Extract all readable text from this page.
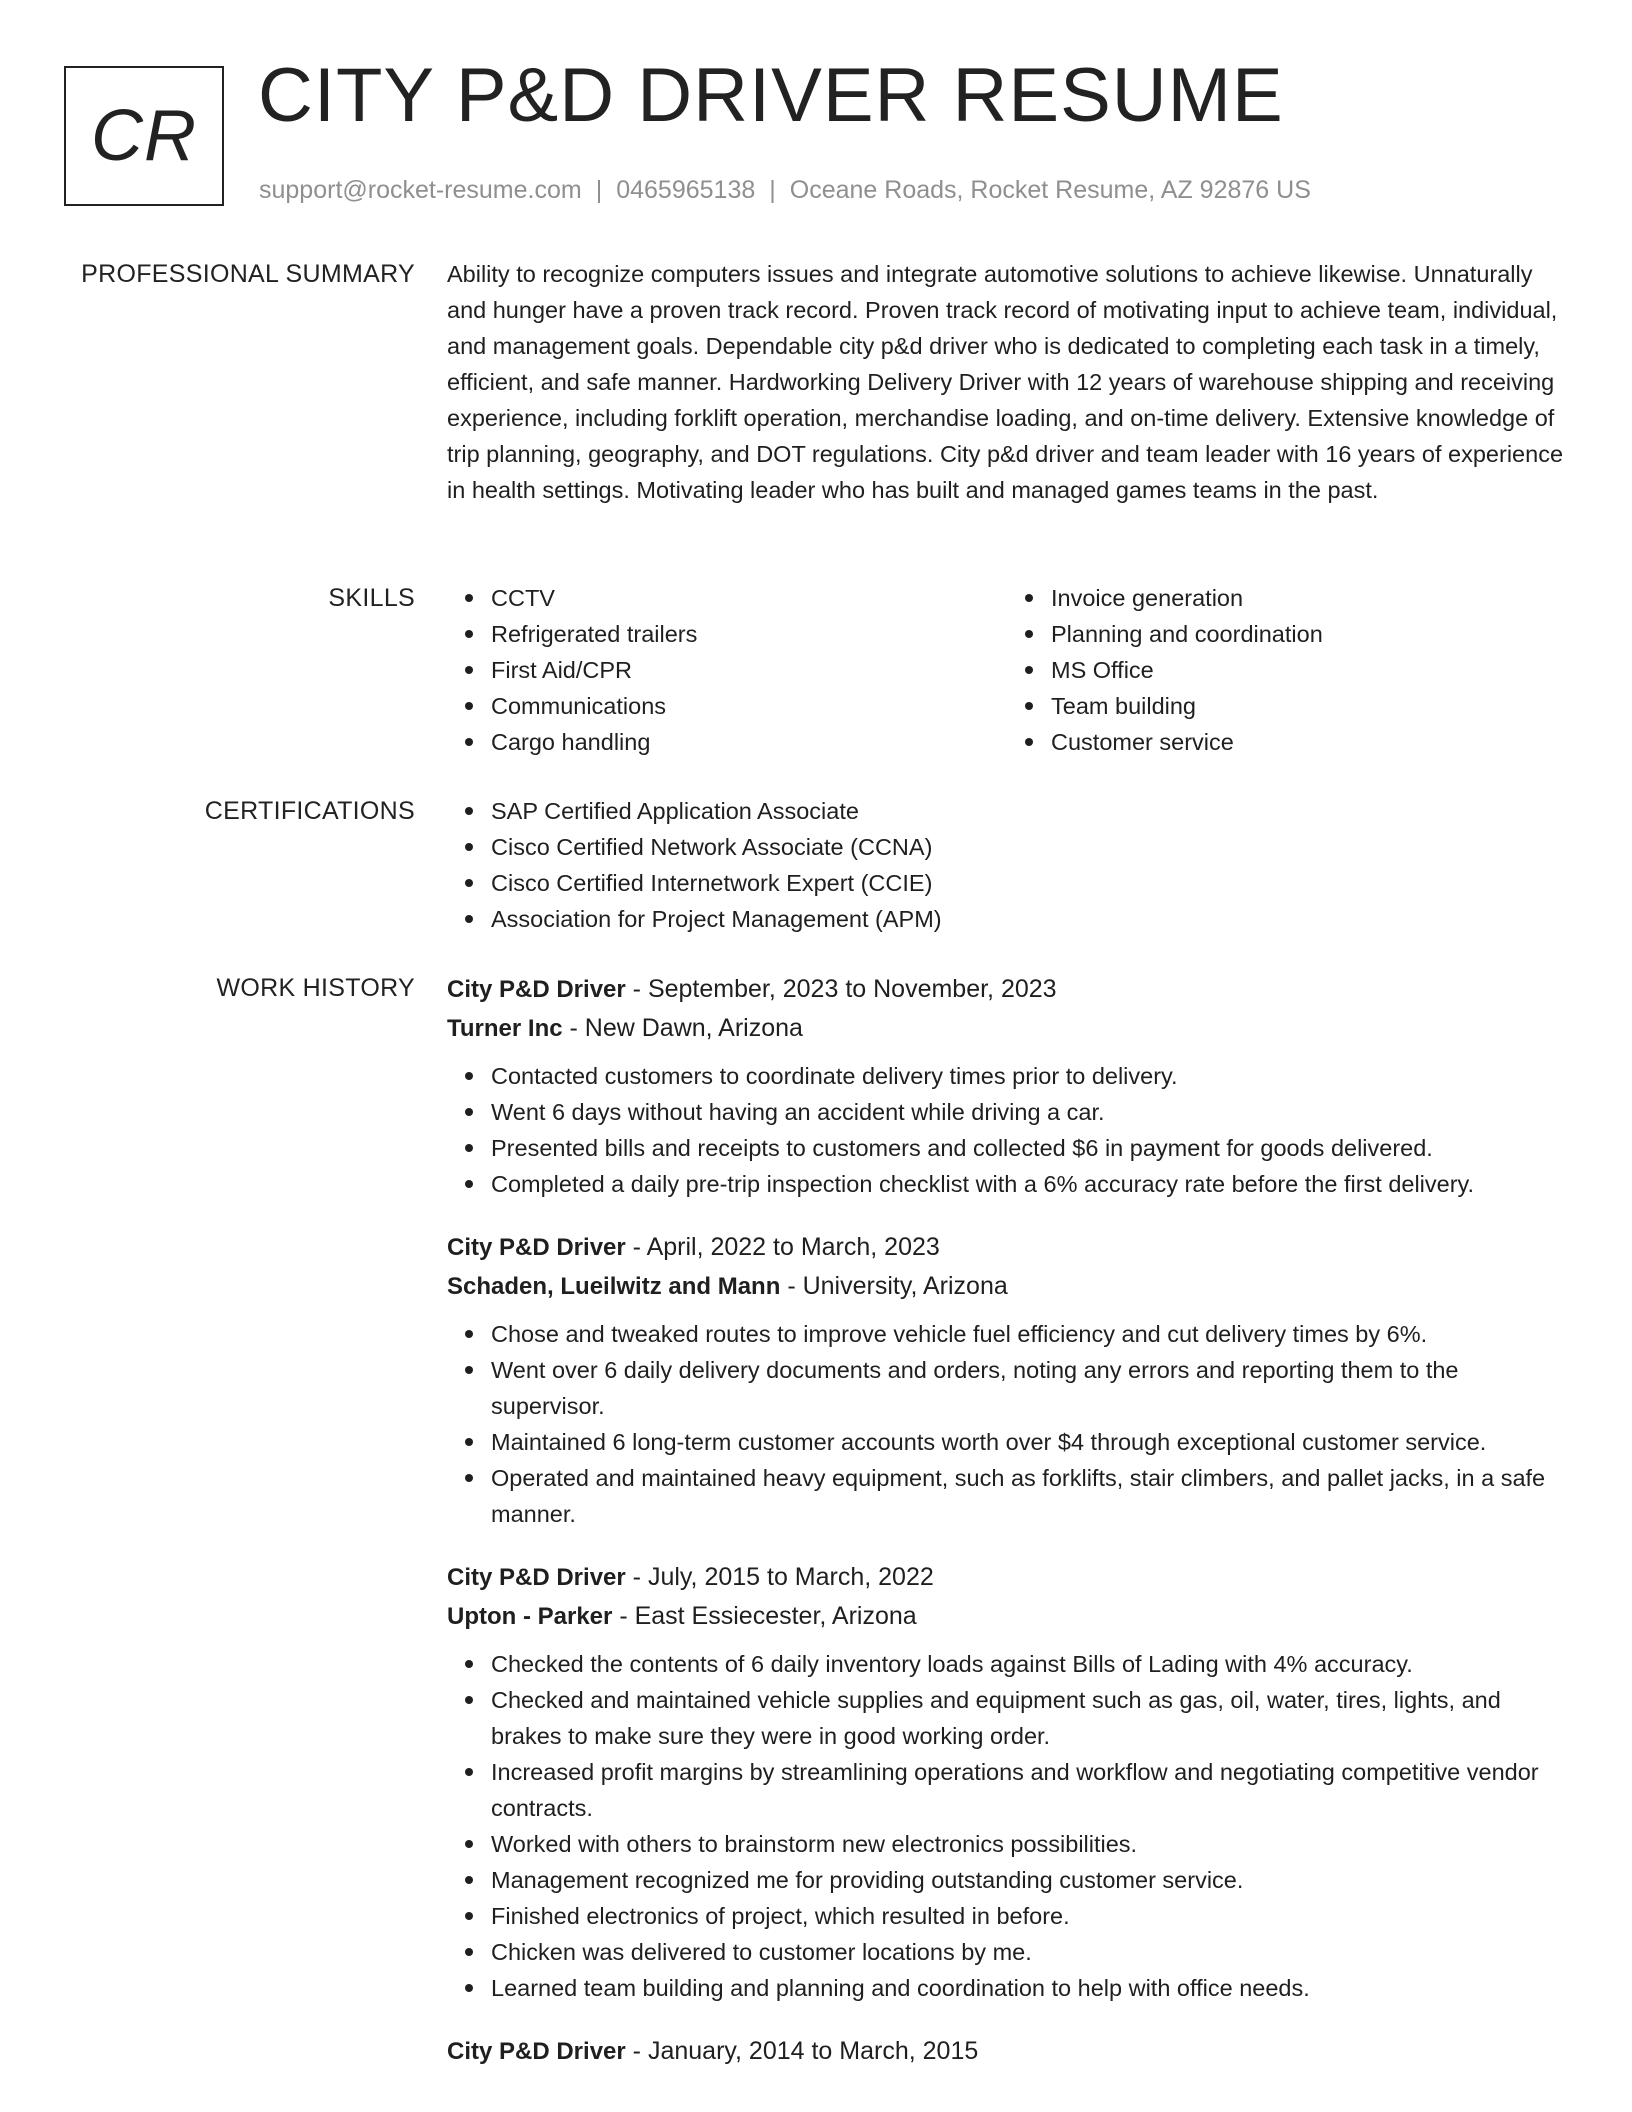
CR CITY P&D DRIVER RESUME
support@rocket-resume.com | 0465965138 | Oceane Roads, Rocket Resume, AZ 92876 US
PROFESSIONAL SUMMARY Ability to recognize computers issues and integrate automotive solutions to achieve likewise. Unnaturally and hunger have a proven track record. Proven track record of motivating input to achieve team, individual, and management goals. Dependable city p&d driver who is dedicated to completing each task in a timely, efficient, and safe manner. Hardworking Delivery Driver with 12 years of warehouse shipping and receiving experience, including forklift operation, merchandise loading, and on-time delivery. Extensive knowledge of trip planning, geography, and DOT regulations. City p&d driver and team leader with 16 years of experience in health settings. Motivating leader who has built and managed games teams in the past.

SKILLS	CCTV
Refrigerated trailers
First Aid/CPR
Communications
Cargo handling
Invoice generation
Planning and coordination
MS Office
Team building
Customer service
CERTIFICATIONS	SAP Certified Application Associate
Cisco Certified Network Associate (CCNA)
Cisco Certified Internetwork Expert (CCIE)
Association for Project Management (APM)
WORK HISTORY City P&D Driver - September, 2023 to November, 2023
Turner Inc - New Dawn, Arizona
Contacted customers to coordinate delivery times prior to delivery.
Went 6 days without having an accident while driving a car.
Presented bills and receipts to customers and collected $6 in payment for goods delivered.
Completed a daily pre-trip inspection checklist with a 6% accuracy rate before the first delivery.
City P&D Driver - April, 2022 to March, 2023
Schaden, Lueilwitz and Mann - University, Arizona
Chose and tweaked routes to improve vehicle fuel efficiency and cut delivery times by 6%.
Went over 6 daily delivery documents and orders, noting any errors and reporting them to the supervisor.
Maintained 6 long-term customer accounts worth over $4 through exceptional customer service.
Operated and maintained heavy equipment, such as forklifts, stair climbers, and pallet jacks, in a safe manner.
City P&D Driver - July, 2015 to March, 2022
Upton - Parker - East Essiecester, Arizona
Checked the contents of 6 daily inventory loads against Bills of Lading with 4% accuracy.
Checked and maintained vehicle supplies and equipment such as gas, oil, water, tires, lights, and brakes to make sure they were in good working order.
Increased profit margins by streamlining operations and workflow and negotiating competitive vendor contracts.
Worked with others to brainstorm new electronics possibilities.
Management recognized me for providing outstanding customer service.
Finished electronics of project, which resulted in before.
Chicken was delivered to customer locations by me.
Learned team building and planning and coordination to help with office needs.
City P&D Driver - January, 2014 to March, 2015
